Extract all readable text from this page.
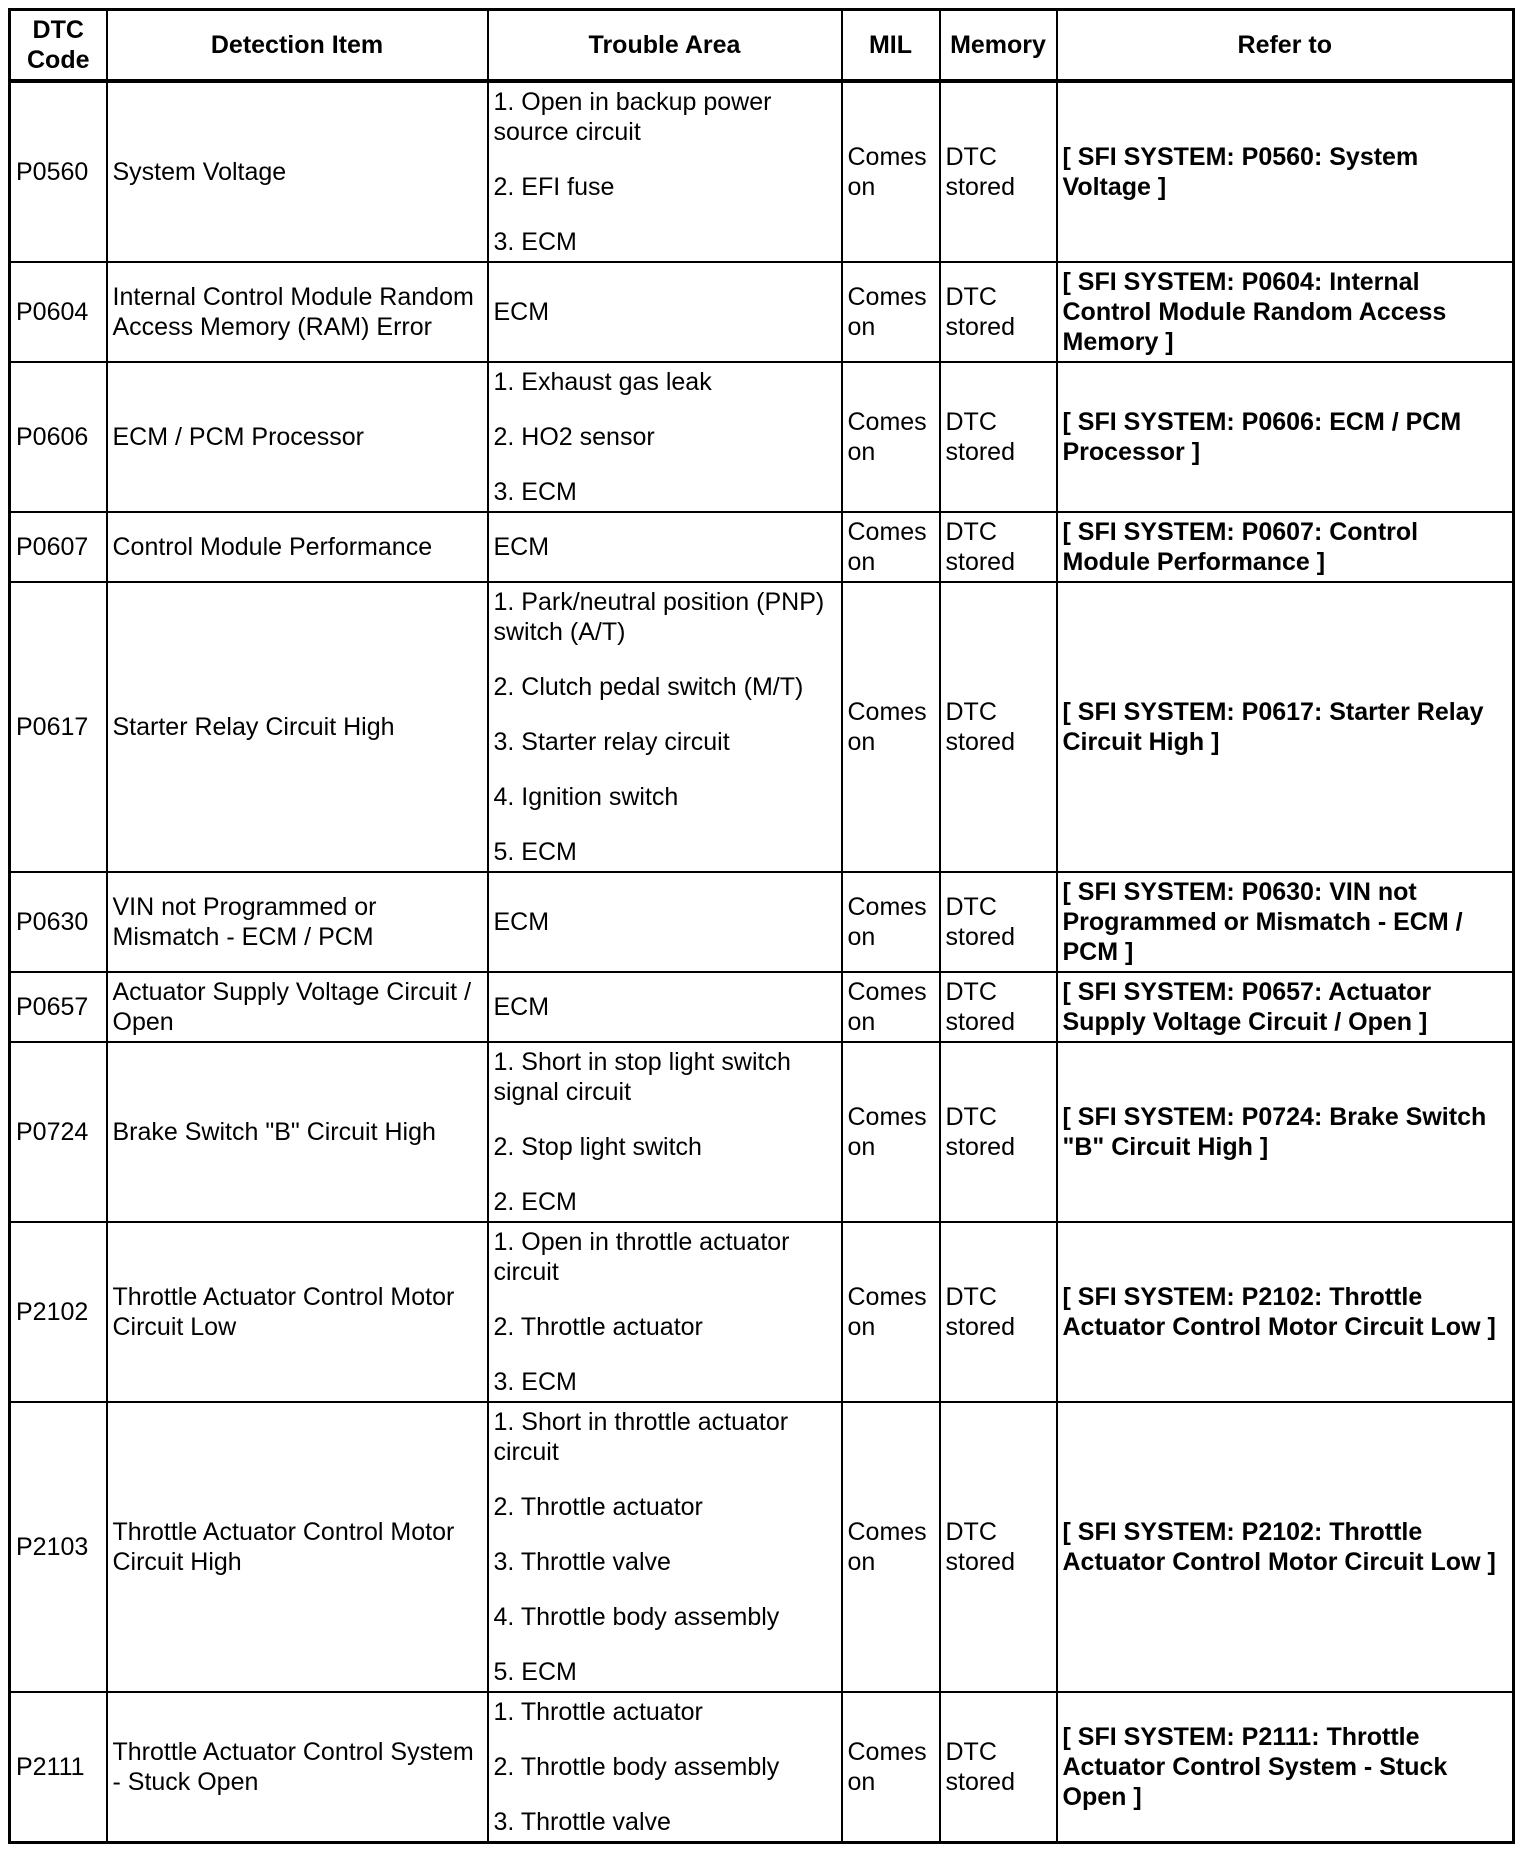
DTC Code	Detection Item	Trouble Area	MIL	Memory	Refer to
P0560	System Voltage	1. Open in backup power source circuit
2. EFI fuse
3. ECM	Comes on	DTC stored	[ SFI SYSTEM: P0560: System Voltage ]
P0604	Internal Control Module Random Access Memory (RAM) Error	ECM	Comes on	DTC stored	[ SFI SYSTEM: P0604: Internal Control Module Random Access Memory ]
P0606	ECM / PCM Processor	1. Exhaust gas leak
2. HO2 sensor
3. ECM	Comes on	DTC stored	[ SFI SYSTEM: P0606: ECM / PCM Processor ]
P0607	Control Module Performance	ECM	Comes on	DTC stored	[ SFI SYSTEM: P0607: Control Module Performance ]
P0617	Starter Relay Circuit High	1. Park/neutral position (PNP) switch (A/T)
2. Clutch pedal switch (M/T)
3. Starter relay circuit
4. Ignition switch
5. ECM	Comes on	DTC stored	[ SFI SYSTEM: P0617: Starter Relay Circuit High ]
P0630	VIN not Programmed or Mismatch - ECM / PCM	ECM	Comes on	DTC stored	[ SFI SYSTEM: P0630: VIN not Programmed or Mismatch - ECM / PCM ]
P0657	Actuator Supply Voltage Circuit / Open	ECM	Comes on	DTC stored	[ SFI SYSTEM: P0657: Actuator Supply Voltage Circuit / Open ]
P0724	Brake Switch "B" Circuit High	1. Short in stop light switch signal circuit
2. Stop light switch
2. ECM	Comes on	DTC stored	[ SFI SYSTEM: P0724: Brake Switch "B" Circuit High ]
P2102	Throttle Actuator Control Motor Circuit Low	1. Open in throttle actuator circuit
2. Throttle actuator
3. ECM	Comes on	DTC stored	[ SFI SYSTEM: P2102: Throttle Actuator Control Motor Circuit Low ]
P2103	Throttle Actuator Control Motor Circuit High	1. Short in throttle actuator circuit
2. Throttle actuator
3. Throttle valve
4. Throttle body assembly
5. ECM	Comes on	DTC stored	[ SFI SYSTEM: P2102: Throttle Actuator Control Motor Circuit Low ]
P2111	Throttle Actuator Control System - Stuck Open	1. Throttle actuator
2. Throttle body assembly
3. Throttle valve	Comes on	DTC stored	[ SFI SYSTEM: P2111: Throttle Actuator Control System - Stuck Open ]
